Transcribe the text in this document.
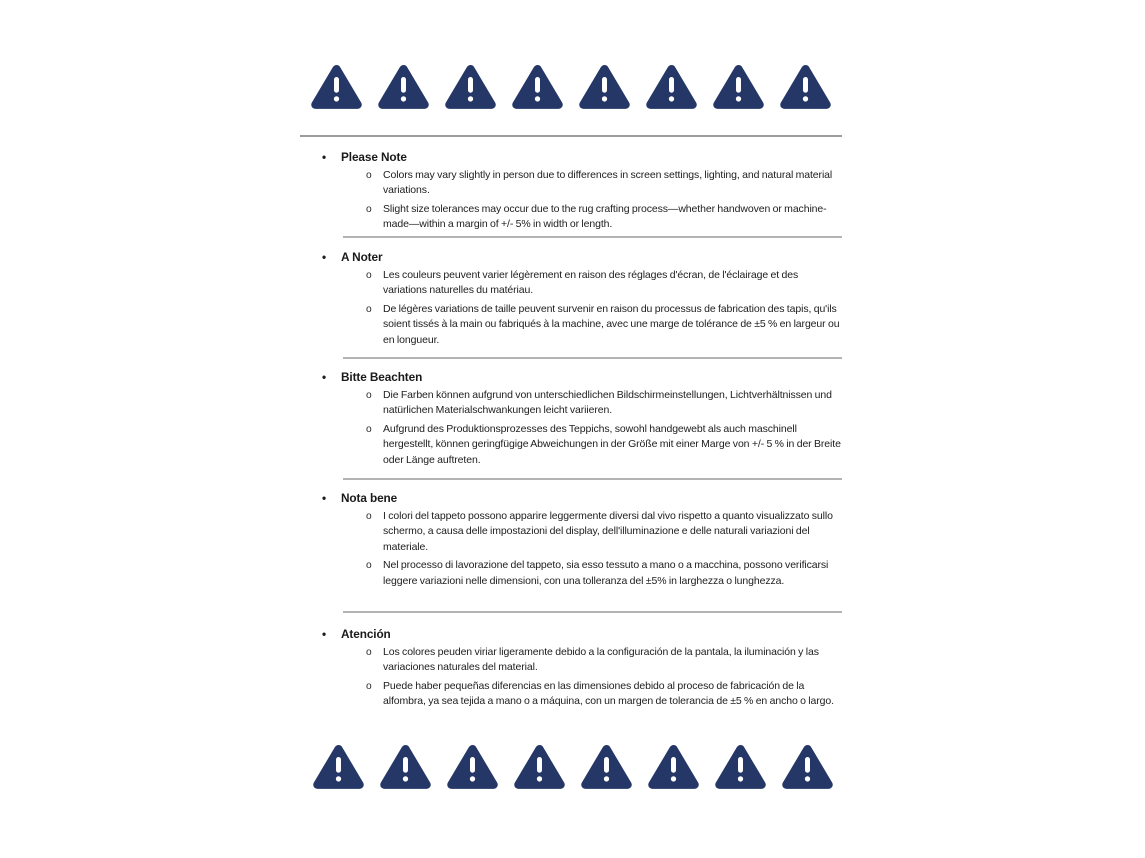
•	Please Note
o	Colors may vary slightly in person due to differences in screen settings, lighting, and natural material variations.
o	Slight size tolerances may occur due to the rug crafting process—whether handwoven or machine-made—within a margin of +/- 5% in width or length.
•	A Noter
o	Les couleurs peuvent varier légèrement en raison des réglages d'écran, de l'éclairage et des variations naturelles du matériau.
o	De légères variations de taille peuvent survenir en raison du processus de fabrication des tapis, qu'ils soient tissés à la main ou fabriqués à la machine, avec une marge de tolérance de ±5 % en largeur ou en longueur.
•	Bitte Beachten
o	Die Farben können aufgrund von unterschiedlichen Bildschirmeinstellungen, Lichtverhältnissen und natürlichen Materialschwankungen leicht variieren.
o	Aufgrund des Produktionsprozesses des Teppichs, sowohl handgewebt als auch maschinell hergestellt, können geringfügige Abweichungen in der Größe mit einer Marge von +/- 5 % in der Breite oder Länge auftreten.
•	Nota bene
o	I colori del tappeto possono apparire leggermente diversi dal vivo rispetto a quanto visualizzato sullo schermo, a causa delle impostazioni del display, dell'illuminazione e delle naturali variazioni del materiale.
o	Nel processo di lavorazione del tappeto, sia esso tessuto a mano o a macchina, possono verificarsi leggere variazioni nelle dimensioni, con una tolleranza del ±5% in larghezza o lunghezza.
•	Atención
o	Los colores peuden viriar ligeramente debido a la configuración de la pantala, la iluminación y las variaciones naturales del material.
o	Puede haber pequeñas diferencias en las dimensiones debido al proceso de fabricación de la alfombra, ya sea tejida a mano o a máquina, con un margen de tolerancia de ±5 % en ancho o largo.
